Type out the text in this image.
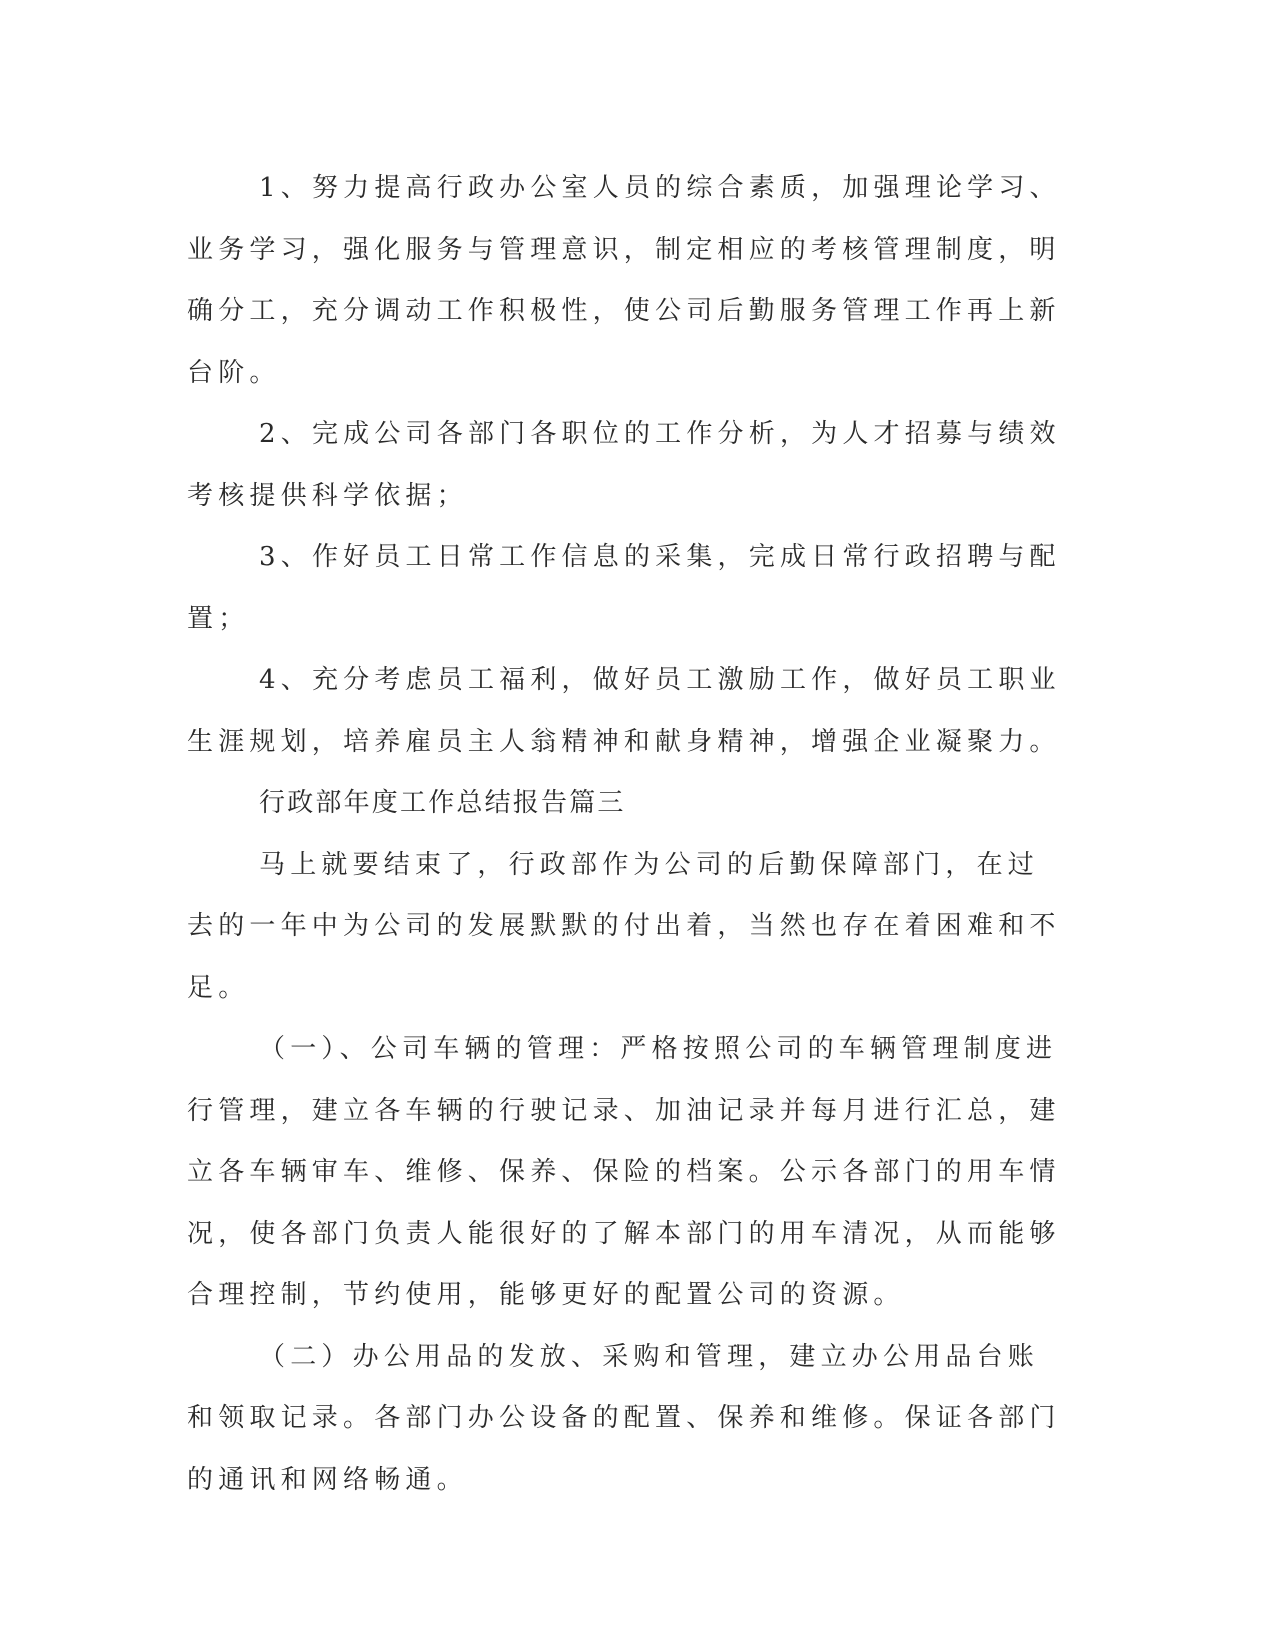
1、努力提高行政办公室人员的综合素质，加强理论学习、业务学习，强化服务与管理意识，制定相应的考核管理制度，明确分工，充分调动工作积极性，使公司后勤服务管理工作再上新台阶。

2、完成公司各部门各职位的工作分析，为人才招募与绩效考核提供科学依据；

3、作好员工日常工作信息的采集，完成日常行政招聘与配置；

4、充分考虑员工福利，做好员工激励工作，做好员工职业生涯规划，培养雇员主人翁精神和献身精神，增强企业凝聚力。

行政部年度工作总结报告篇三

马上就要结束了，行政部作为公司的后勤保障部门，在过去的一年中为公司的发展默默的付出着，当然也存在着困难和不足。

（一）、公司车辆的管理：严格按照公司的车辆管理制度进行管理，建立各车辆的行驶记录、加油记录并每月进行汇总，建立各车辆审车、维修、保养、保险的档案。公示各部门的用车情况，使各部门负责人能很好的了解本部门的用车清况，从而能够合理控制，节约使用，能够更好的配置公司的资源。

（二）办公用品的发放、采购和管理，建立办公用品台账和领取记录。各部门办公设备的配置、保养和维修。保证各部门的通讯和网络畅通。
